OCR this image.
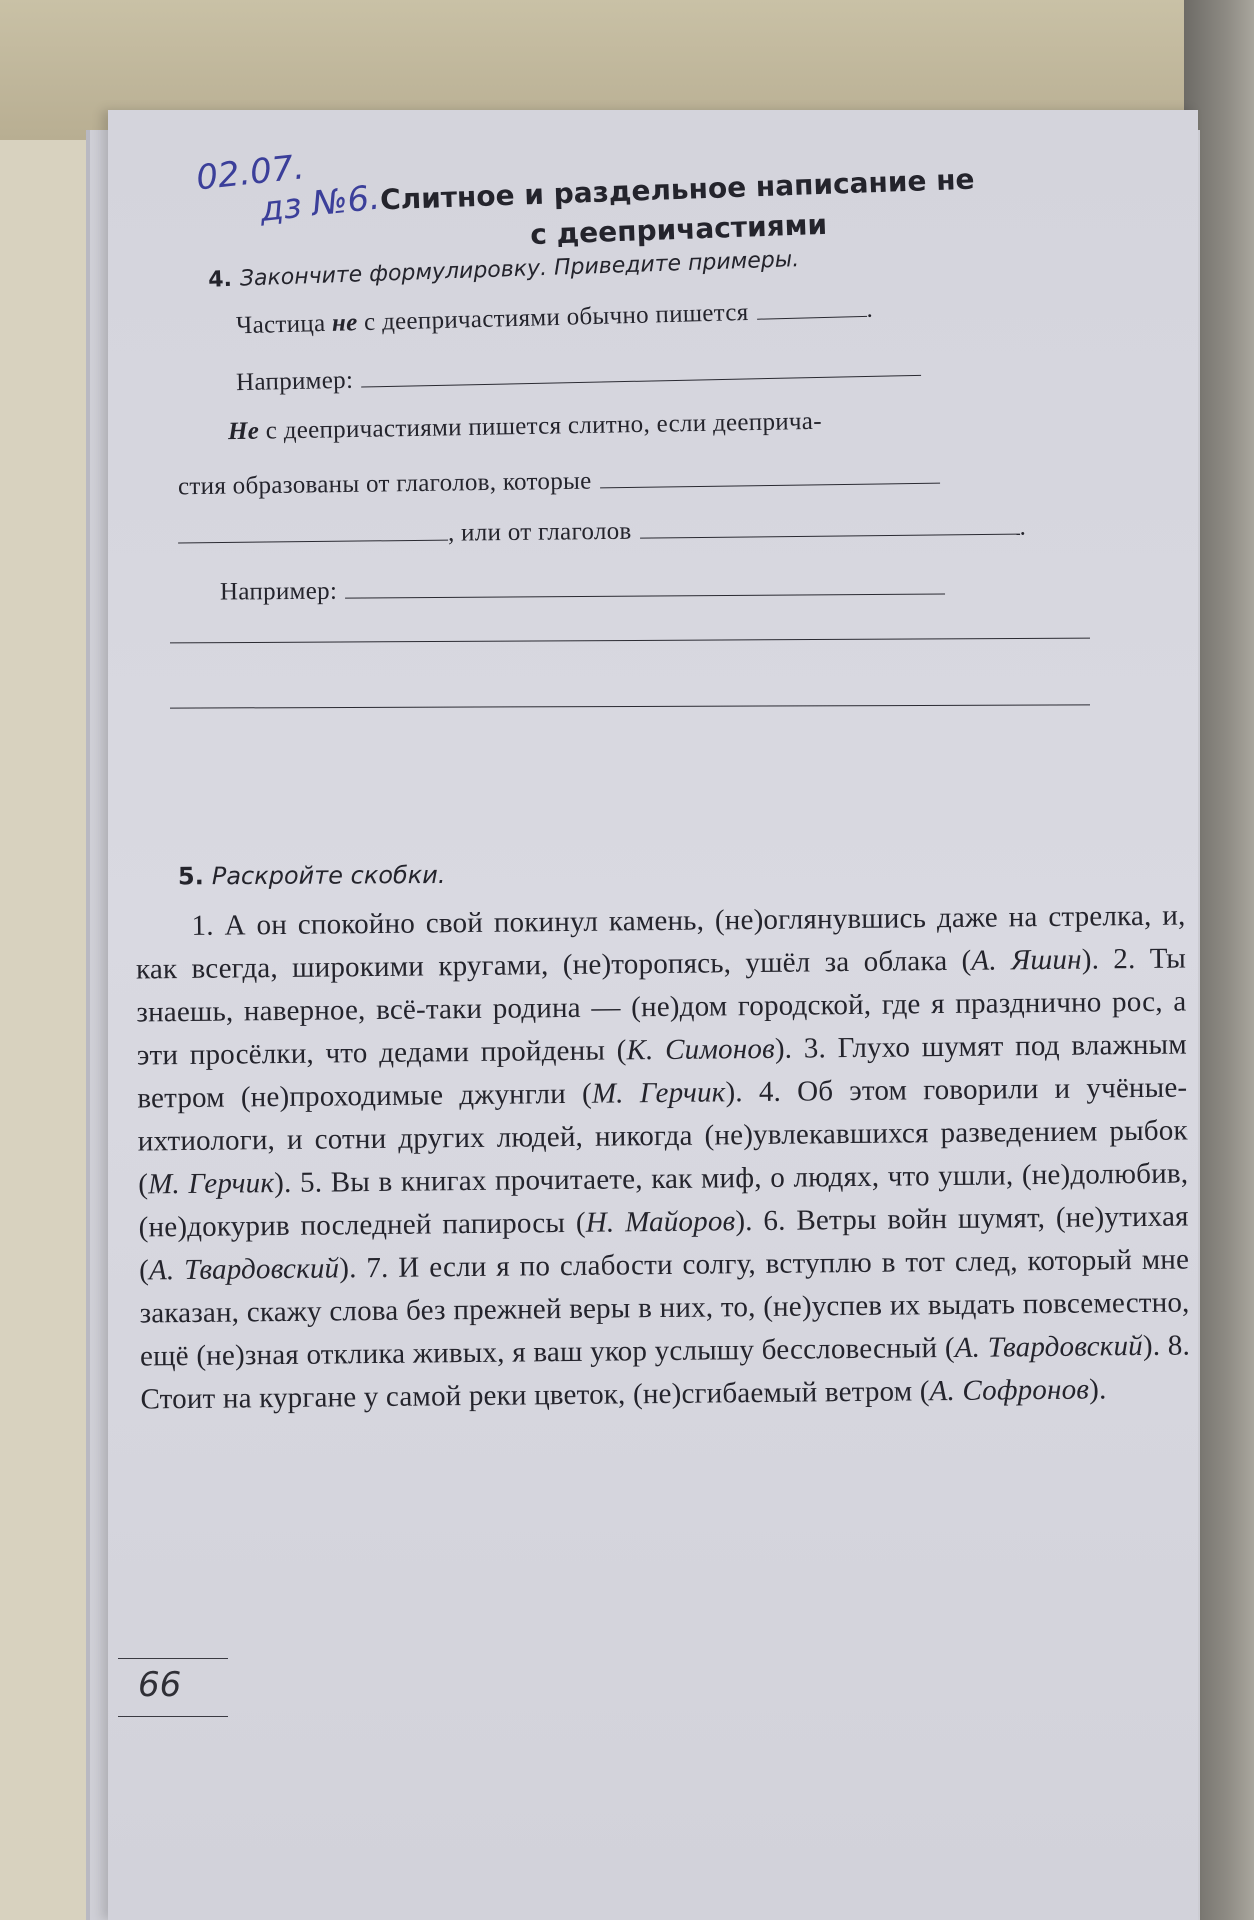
02.07.
дз №6.
Слитное и раздельное написание не
с деепричастиями
4. Закончите формулировку. Приведите примеры.
Частица не с деепричастиями обычно пишется	.
Например:
Не с деепричастиями пишется слитно, если дееприча-
стия образованы от глаголов, которые
, или от глаголов	.
Например:
5. Раскройте скобки.
1. А он спокойно свой покинул камень, (не)оглянувшись даже на стрелка, и, как всегда, широкими кругами, (не)торопясь, ушёл за облака (А. Яшин). 2. Ты знаешь, наверное, всё-таки родина — (не)дом городской, где я празднично рос, а эти просёлки, что дедами пройдены (К. Симонов). 3. Глухо шумят под влажным ветром (не)проходимые джунгли (М. Герчик). 4. Об этом говорили и учёные-ихтиологи, и сотни других людей, никогда (не)увлекавшихся разведением рыбок (М. Герчик). 5. Вы в книгах прочитаете, как миф, о людях, что ушли, (не)долюбив, (не)докурив последней папиросы (Н. Майоров). 6. Ветры войн шумят, (не)утихая (А. Твардовский). 7. И если я по слабости солгу, вступлю в тот след, который мне заказан, скажу слова без прежней веры в них, то, (не)успев их выдать повсеместно, ещё (не)зная отклика живых, я ваш укор услышу бессловесный (А. Твардовский). 8. Стоит на кургане у самой реки цветок, (не)сгибаемый ветром (А. Софронов).
66
